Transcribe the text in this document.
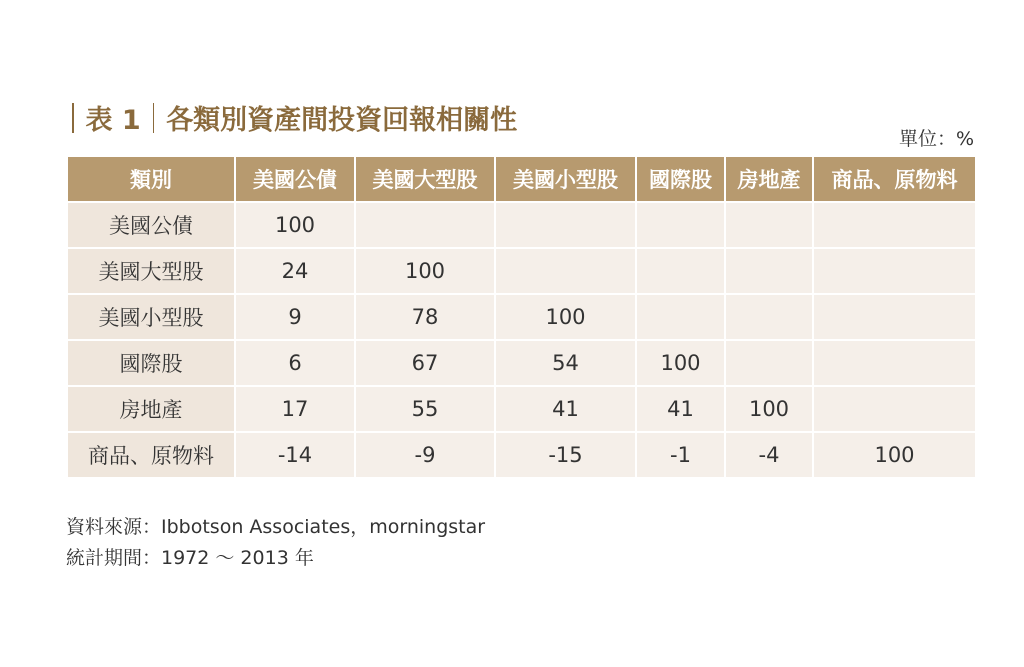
表 1 各類別資產間投資回報相關性
單位：%
類別	美國公債	美國大型股	美國小型股	國際股	房地產	商品、原物料
美國公債	100					
美國大型股	24	100				
美國小型股	9	78	100			
國際股	6	67	54	100		
房地產	17	55	41	41	100	
商品、原物料	-14	-9	-15	-1	-4	100
資料來源：Ibbotson Associates，morningstar
統計期間：1972 ～ 2013 年
